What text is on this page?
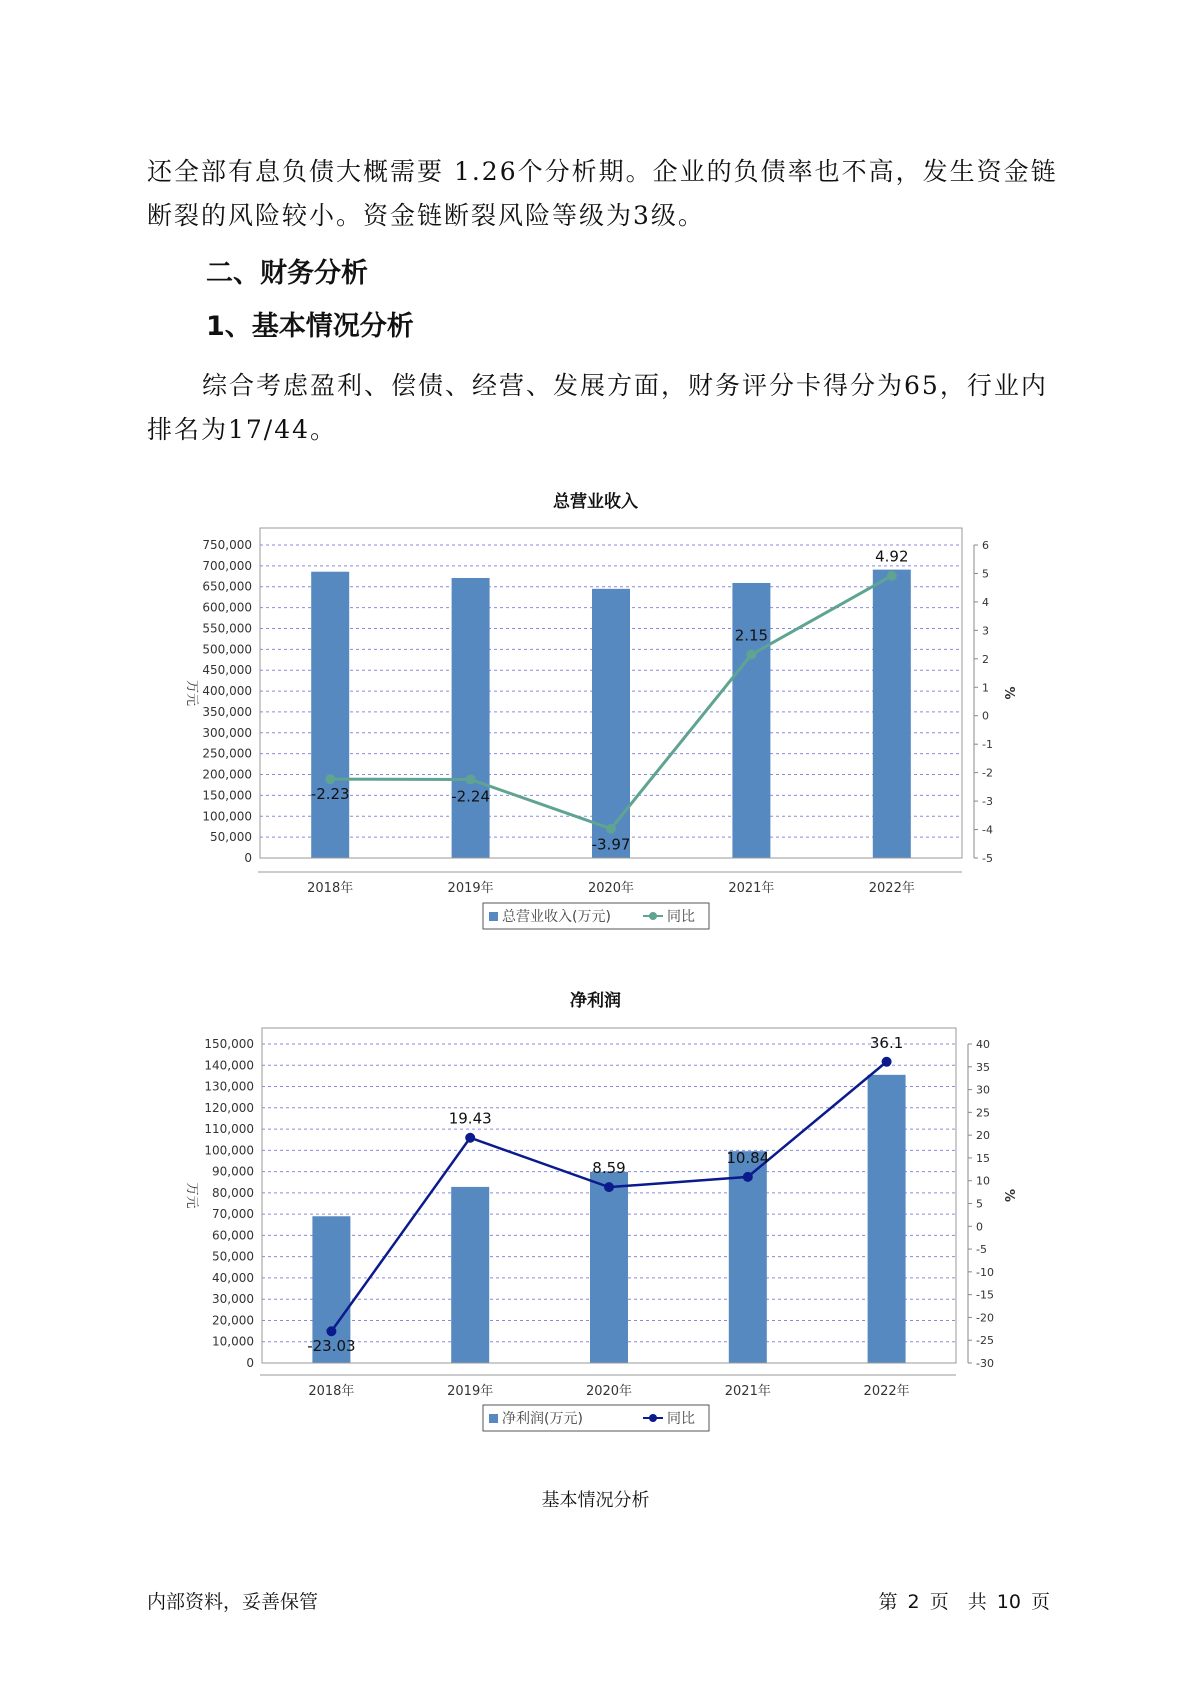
还全部有息负债大概需要 1.26个分析期。企业的负债率也不高，发生资金链断裂的风险较小。资金链断裂风险等级为3级。

二、财务分析
1、基本情况分析

综合考虑盈利、偿债、经营、发展方面，财务评分卡得分为65，行业内排名为17/44。

总营业收入
0
50,000
100,000
150,000
200,000
250,000
300,000
350,000
400,000
450,000
500,000
550,000
600,000
650,000
700,000
750,000
-5
-4
-3
-2
-1
0
1
2
3
4
5
6
万元	%
2018年	2019年	2020年	2021年	2022年
-2.23	-2.24
-3.97
2.15
4.92
总营业收入(万元)	同比
净利润
0
10,000
20,000
30,000
40,000
50,000
60,000
70,000
80,000
90,000
100,000
110,000
120,000
130,000
140,000
150,000
-30
-25
-20
-15
-10
-5
0
5
10
15
20
25
30
35
40
万元	%
2018年	2019年	2020年	2021年	2022年
-23.03
19.43
8.59
10.84
36.1
净利润(万元)	同比
基本情况分析
内部资料，妥善保管	第 2 页　共 10 页
